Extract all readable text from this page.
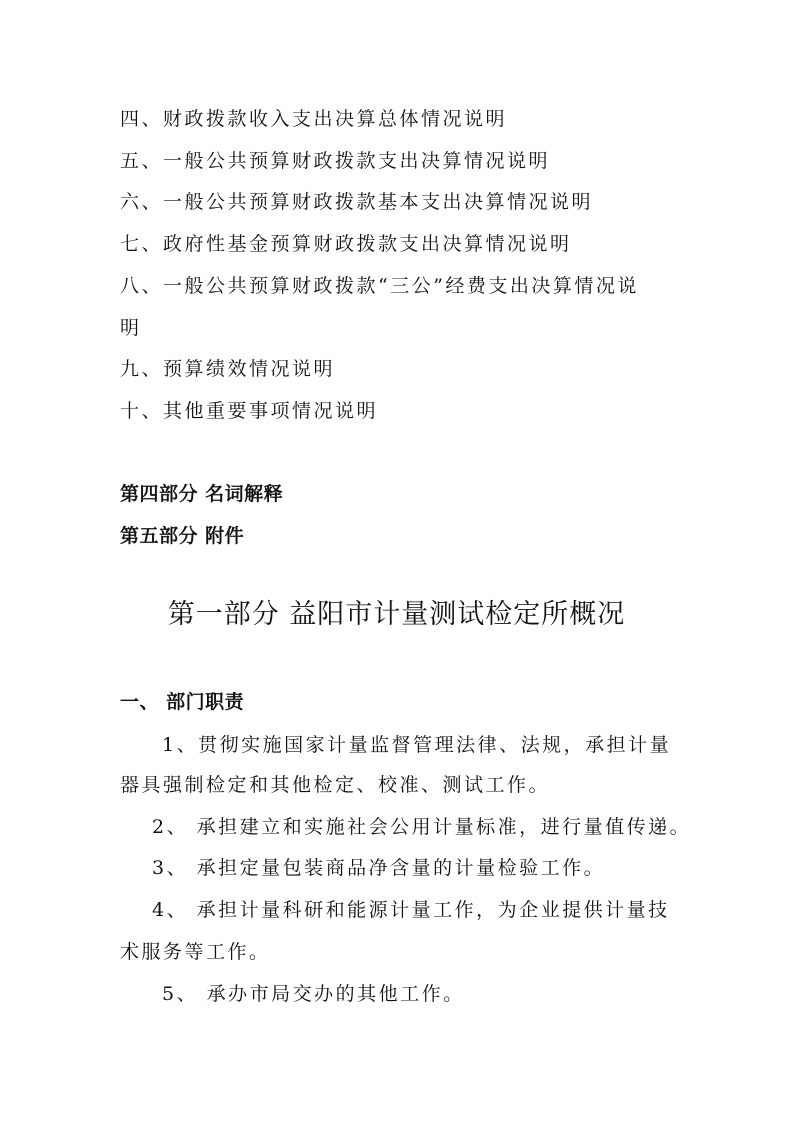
四、财政拨款收入支出决算总体情况说明
五、一般公共预算财政拨款支出决算情况说明
六、一般公共预算财政拨款基本支出决算情况说明
七、政府性基金预算财政拨款支出决算情况说明
八、一般公共预算财政拨款“三公”经费支出决算情况说
明
九、预算绩效情况说明
十、其他重要事项情况说明
第四部分 名词解释
第五部分 附件
第一部分 益阳市计量测试检定所概况
一、 部门职责
1、贯彻实施国家计量监督管理法律、法规，承担计量
器具强制检定和其他检定、校准、测试工作。
2、 承担建立和实施社会公用计量标准，进行量值传递。
3、 承担定量包装商品净含量的计量检验工作。
4、 承担计量科研和能源计量工作，为企业提供计量技
术服务等工作。
5、 承办市局交办的其他工作。
